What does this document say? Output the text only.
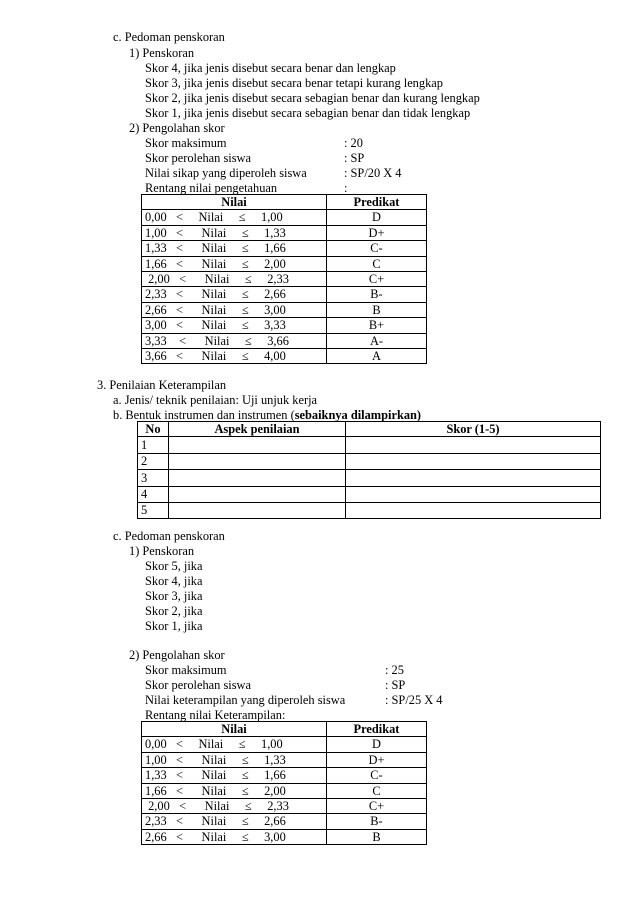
c. Pedoman penskoran
1) Penskoran
Skor 4, jika jenis disebut secara benar dan lengkap
Skor 3, jika jenis disebut secara benar tetapi kurang lengkap
Skor 2, jika jenis disebut secara sebagian benar dan kurang lengkap
Skor 1, jika jenis disebut secara sebagian benar dan tidak lengkap
2) Pengolahan skor
Skor maksimum	: 20
Skor perolehan siswa	: SP
Nilai sikap yang diperoleh siswa	: SP/20 X 4
Rentang nilai pengetahuan	:
Nilai	Predikat
0,00   <     Nilai     ≤     1,00	D
1,00   <      Nilai     ≤     1,33	D+
1,33   <      Nilai     ≤     1,66	C-
1,66   <      Nilai     ≤     2,00	C
2,00   <      Nilai     ≤     2,33	C+
2,33   <      Nilai     ≤     2,66	B-
2,66   <      Nilai     ≤     3,00	B
3,00   <      Nilai     ≤     3,33	B+
3,33    <      Nilai     ≤     3,66	A-
3,66   <      Nilai     ≤     4,00	A
3. Penilaian Keterampilan
a. Jenis/ teknik penilaian: Uji unjuk kerja
b. Bentuk instrumen dan instrumen (sebaiknya dilampirkan)
No	Aspek penilaian	Skor (1-5)
1		
2		
3		
4		
5		
c. Pedoman penskoran
1) Penskoran
Skor 5, jika
Skor 4, jika
Skor 3, jika
Skor 2, jika
Skor 1, jika
2) Pengolahan skor
Skor maksimum	: 25
Skor perolehan siswa	: SP
Nilai keterampilan yang diperoleh siswa	: SP/25 X 4
Rentang nilai Keterampilan:
Nilai	Predikat
0,00   <     Nilai     ≤     1,00	D
1,00   <      Nilai     ≤     1,33	D+
1,33   <      Nilai     ≤     1,66	C-
1,66   <      Nilai     ≤     2,00	C
2,00   <      Nilai     ≤     2,33	C+
2,33   <      Nilai     ≤     2,66	B-
2,66   <      Nilai     ≤     3,00	B
